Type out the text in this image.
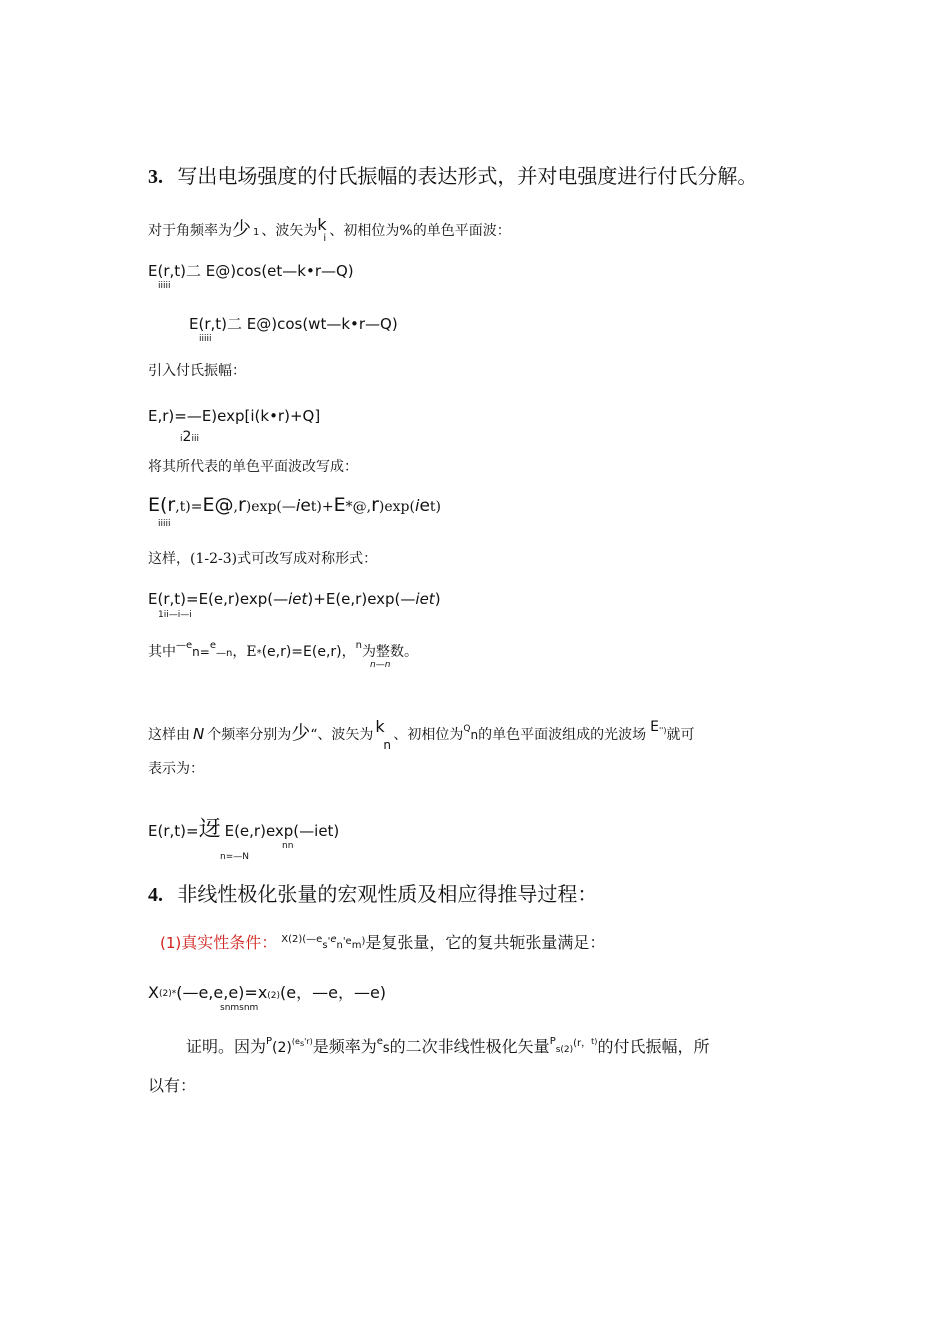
3. 写出电场强度的付氏振幅的表达形式，并对电强度进行付氏分解。
对于角频率为少 1 、波矢为 k
i 、初相位为%的单色平面波：
E(r,t)二 E@)cos(et—k•r—Q)
iiiii
E(r,t)二 E@)cos(wt—k•r—Q)
iiiii
引入付氏振幅：
E,r)=—E)exp[i(k•r)+Q]
i2iii
将其所代表的单色平面波改写成：
E(r,t)=E@,r)exp(—iet)+E*@,r)exp(iet)
iiiii
这样，(1-2-3)式可改写成对称形式：
E(r,t)=E(e,r)exp(—iet)+E(e,r)exp(—iet)
1ii—i—i
其中$^{—e}$n=$^e$—n，E*(e,r)=E(e,r)，$^n$为整数。
n—n
这样由 N 个频率分别为少“、波矢为 k
n
、初相位为$^Q$n的单色平面波组成的光波场 E'')就可
表示为：
E(r,t)=迓 E(e,r)exp(—iet)
nn
n=—N
4. 非线性极化张量的宏观性质及相应得推导过程：
(1)真实性条件： $^{X(2)(—e}s^{'e}n^{'e}m^)$是复张量，它的复共轭张量满足：
X(2)*(—e,e,e)=x(2)(e，—e，—e)
snmsnm
证明。因为$^P(2)^{(es'r)}$是频率为$^e$s的二次非线性极化矢量$^Ps(2)^{(r,t)}$的付氏振幅，所
以有：
